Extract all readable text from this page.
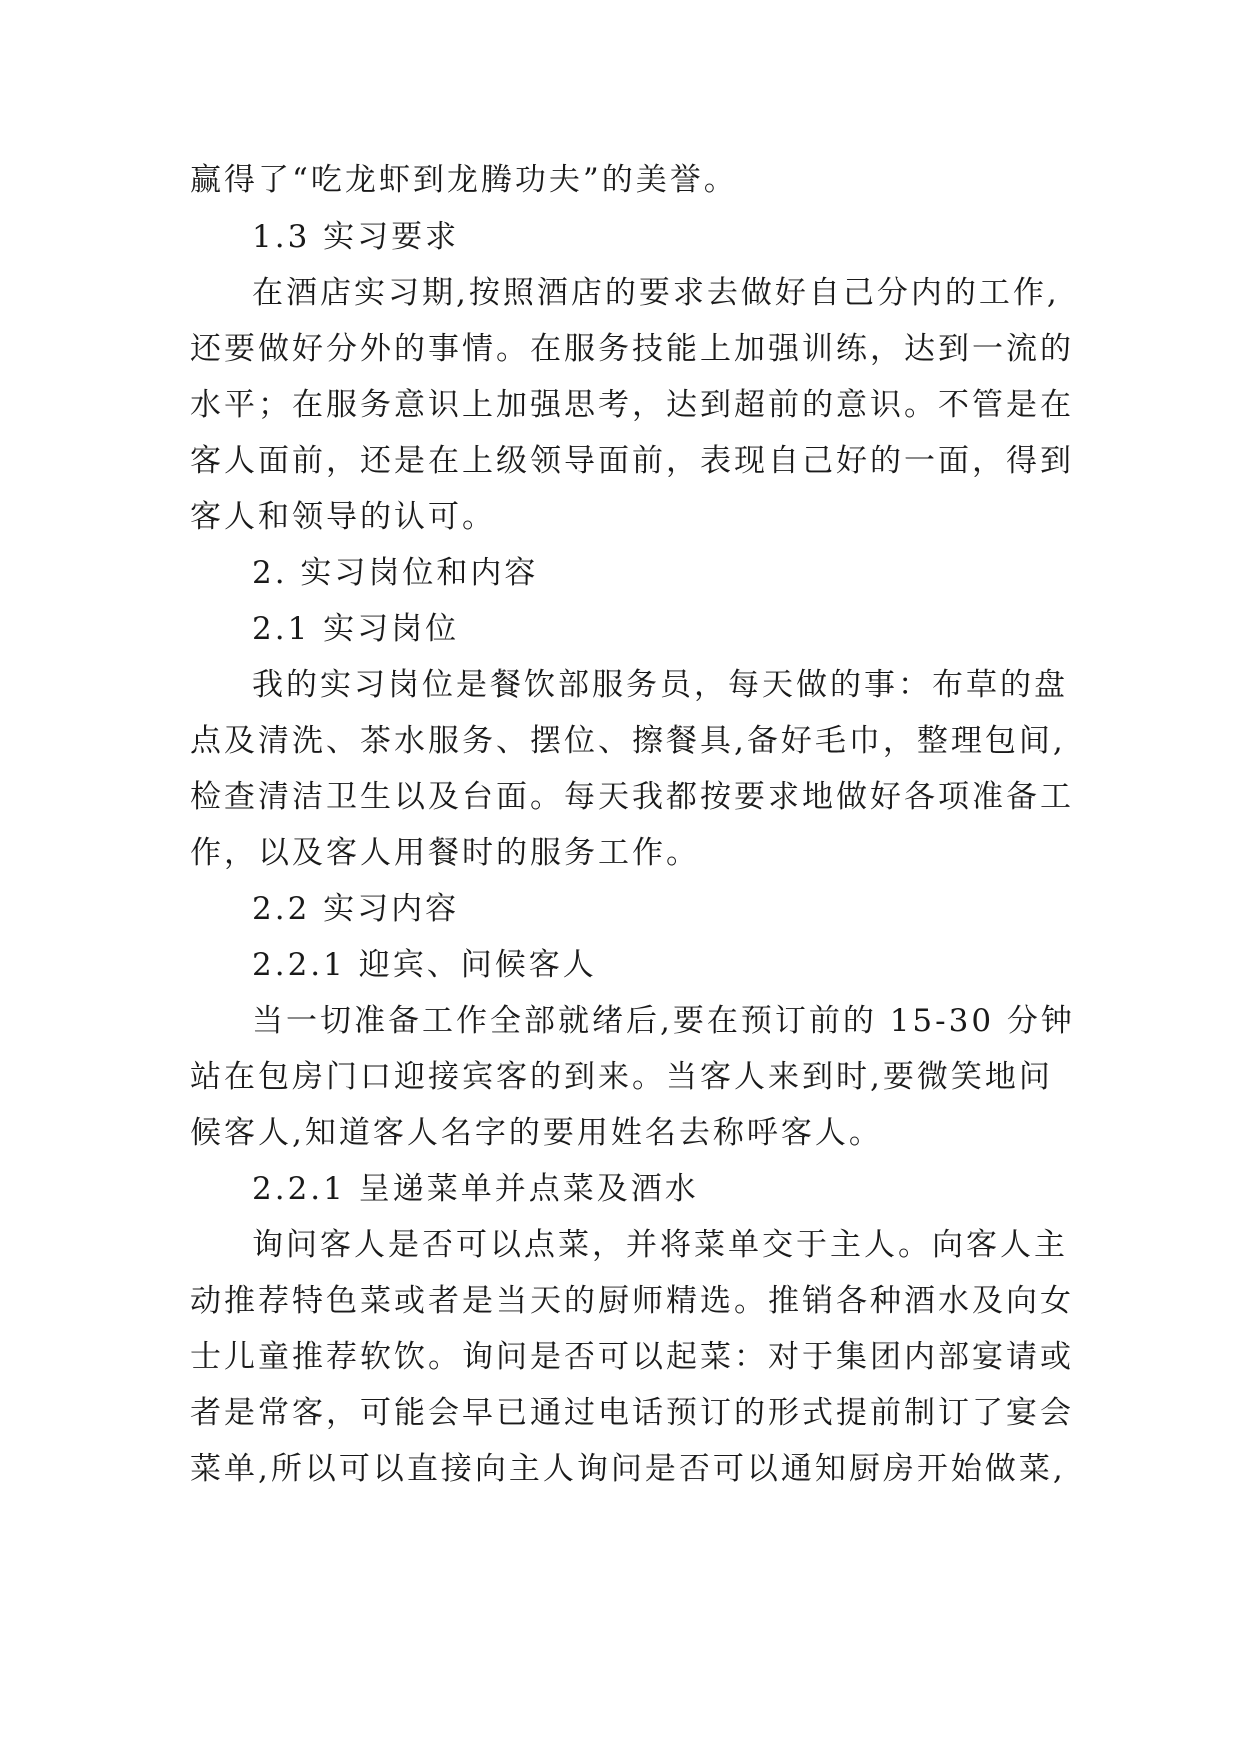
赢得了“吃龙虾到龙腾功夫”的美誉。

1.3 实习要求

在酒店实习期,按照酒店的要求去做好自己分内的工作,

还要做好分外的事情。在服务技能上加强训练，达到一流的

水平；在服务意识上加强思考，达到超前的意识。不管是在

客人面前，还是在上级领导面前，表现自己好的一面，得到

客人和领导的认可。

2. 实习岗位和内容

2.1 实习岗位

我的实习岗位是餐饮部服务员，每天做的事：布草的盘

点及清洗、茶水服务、摆位、擦餐具,备好毛巾，整理包间,

检查清洁卫生以及台面。每天我都按要求地做好各项准备工

作，以及客人用餐时的服务工作。

2.2 实习内容

2.2.1 迎宾、问候客人

当一切准备工作全部就绪后,要在预订前的 15-30 分钟

站在包房门口迎接宾客的到来。当客人来到时,要微笑地问

候客人,知道客人名字的要用姓名去称呼客人。

2.2.1 呈递菜单并点菜及酒水

询问客人是否可以点菜，并将菜单交于主人。向客人主

动推荐特色菜或者是当天的厨师精选。推销各种酒水及向女

士儿童推荐软饮。询问是否可以起菜：对于集团内部宴请或

者是常客，可能会早已通过电话预订的形式提前制订了宴会

菜单,所以可以直接向主人询问是否可以通知厨房开始做菜,
